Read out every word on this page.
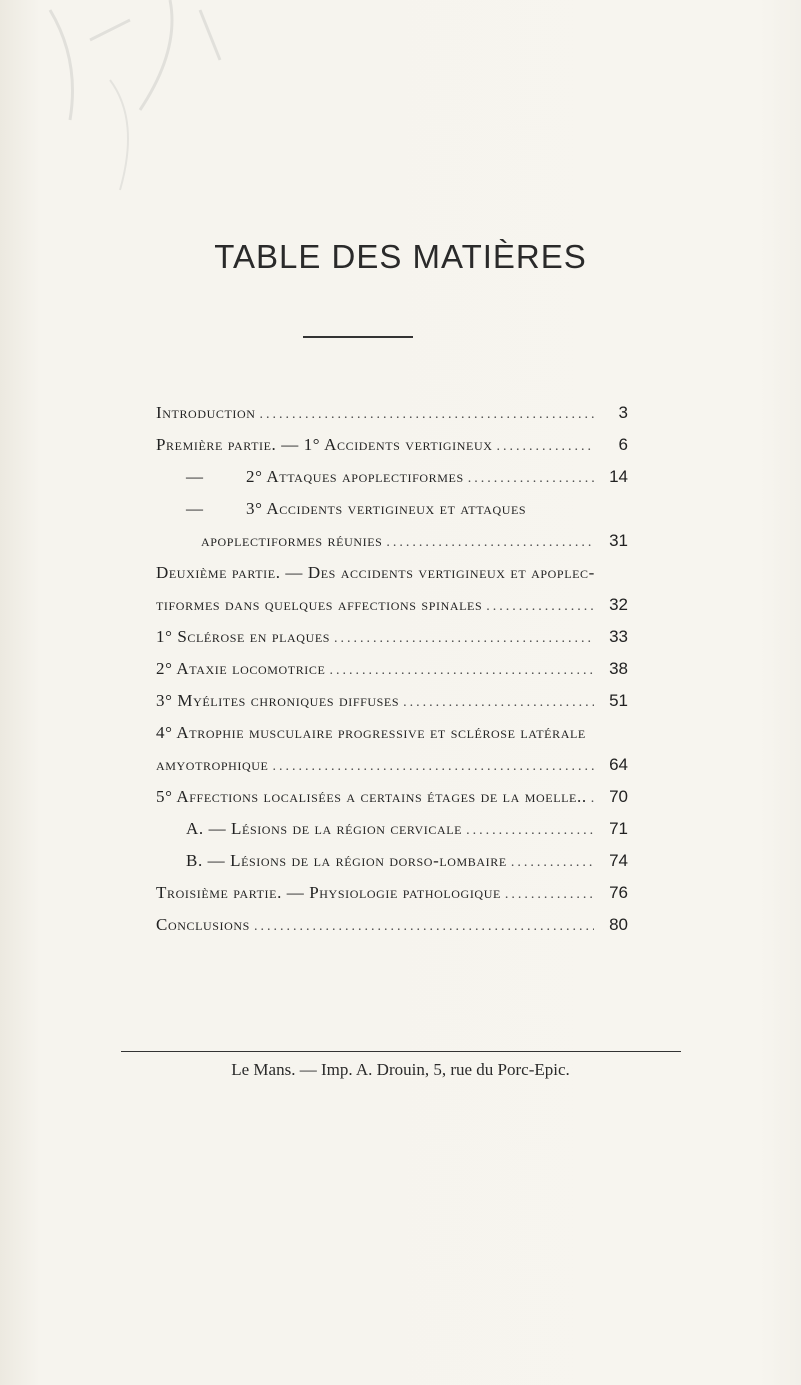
TABLE DES MATIÈRES
Introduction .....	3
Première partie. — 1° Accidents vertigineux .....	6
— 2° Attaques apoplectiformes .....	14
— 3° Accidents vertigineux et attaques
apoplectiformes réunies .....	31
Deuxième partie. — Des accidents vertigineux et apoplec-
tiformes dans quelques affections spinales .....	32
1° Sclérose en plaques .....	33
2° Ataxie locomotrice .....	38
3° Myélites chroniques diffuses .....	51
4° Atrophie musculaire progressive et sclérose latérale
amyotrophique .....	64
5° Affections localisées a certains étages de la moelle.. .....	70
A. — Lésions de la région cervicale .....	71
B. — Lésions de la région dorso-lombaire .....	74
Troisième partie. — Physiologie pathologique .....	76
Conclusions .....	80
Le Mans. — Imp. A. Drouin, 5, rue du Porc-Epic.
